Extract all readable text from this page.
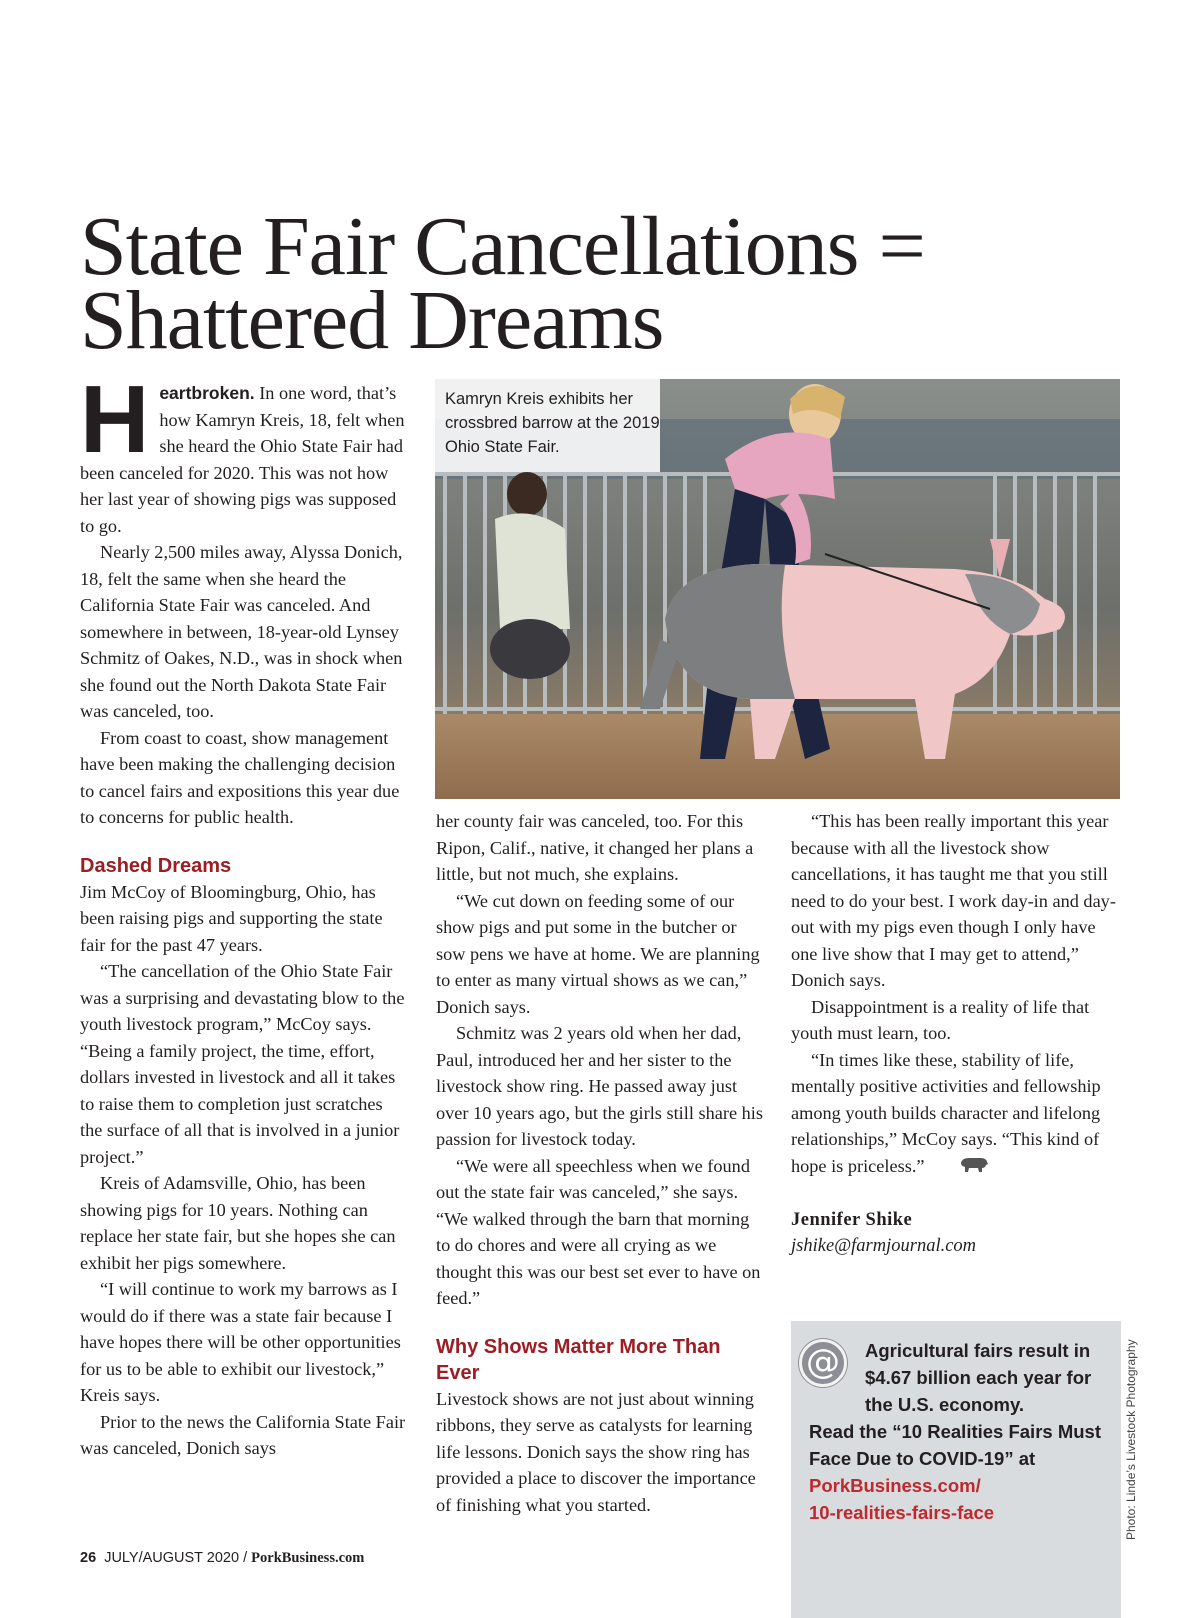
State Fair Cancellations =
Shattered Dreams

Heartbroken. In one word, that’s how Kamryn Kreis, 18, felt when she heard the Ohio State Fair had been canceled for 2020. This was not how her last year of showing pigs was supposed to go.

Nearly 2,500 miles away, Alyssa Donich, 18, felt the same when she heard the California State Fair was canceled. And somewhere in between, 18-year-old Lynsey Schmitz of Oakes, N.D., was in shock when she found out the North Dakota State Fair was canceled, too.

From coast to coast, show management have been making the challenging decision to cancel fairs and expositions this year due to concerns for public health.

Dashed Dreams

Jim McCoy of Bloomingburg, Ohio, has been raising pigs and supporting the state fair for the past 47 years.

“The cancellation of the Ohio State Fair was a surprising and devastating blow to the youth livestock program,” McCoy says. “Being a family project, the time, effort, dollars invested in livestock and all it takes to raise them to completion just scratches the surface of all that is involved in a junior project.”

Kreis of Adamsville, Ohio, has been showing pigs for 10 years. Nothing can replace her state fair, but she hopes she can exhibit her pigs somewhere.

“I will continue to work my barrows as I would do if there was a state fair because I have hopes there will be other opportunities for us to be able to exhibit our livestock,” Kreis says.

Prior to the news the California State Fair was canceled, Donich says

Kamryn Kreis exhibits her crossbred barrow at the 2019 Ohio State Fair.
Photo: Linde’s Livestock Photography

her county fair was canceled, too. For this Ripon, Calif., native, it changed her plans a little, but not much, she explains.

“We cut down on feeding some of our show pigs and put some in the butcher or sow pens we have at home. We are planning to enter as many virtual shows as we can,” Donich says.

Schmitz was 2 years old when her dad, Paul, introduced her and her sister to the livestock show ring. He passed away just over 10 years ago, but the girls still share his passion for livestock today.

“We were all speechless when we found out the state fair was canceled,” she says. “We walked through the barn that morning to do chores and were all crying as we thought this was our best set ever to have on feed.”

Why Shows Matter More Than Ever

Livestock shows are not just about winning ribbons, they serve as catalysts for learning life lessons. Donich says the show ring has provided a place to discover the importance of finishing what you started.

“This has been really important this year because with all the livestock show cancellations, it has taught me that you still need to do your best. I work day-in and day-out with my pigs even though I only have one live show that I may get to attend,” Donich says.

Disappointment is a reality of life that youth must learn, too.

“In times like these, stability of life, mentally positive activities and fellowship among youth builds character and lifelong relationships,” McCoy says. “This kind of hope is priceless.”

Jennifer Shike
jshike@farmjournal.com
@	Agricultural fairs result in $4.67 billion each year for the U.S. economy.
Read the “10 Realities Fairs Must Face Due to COVID-19” at
PorkBusiness.com/
10-realities-fairs-face
26 JULY/AUGUST 2020 / PorkBusiness.com
